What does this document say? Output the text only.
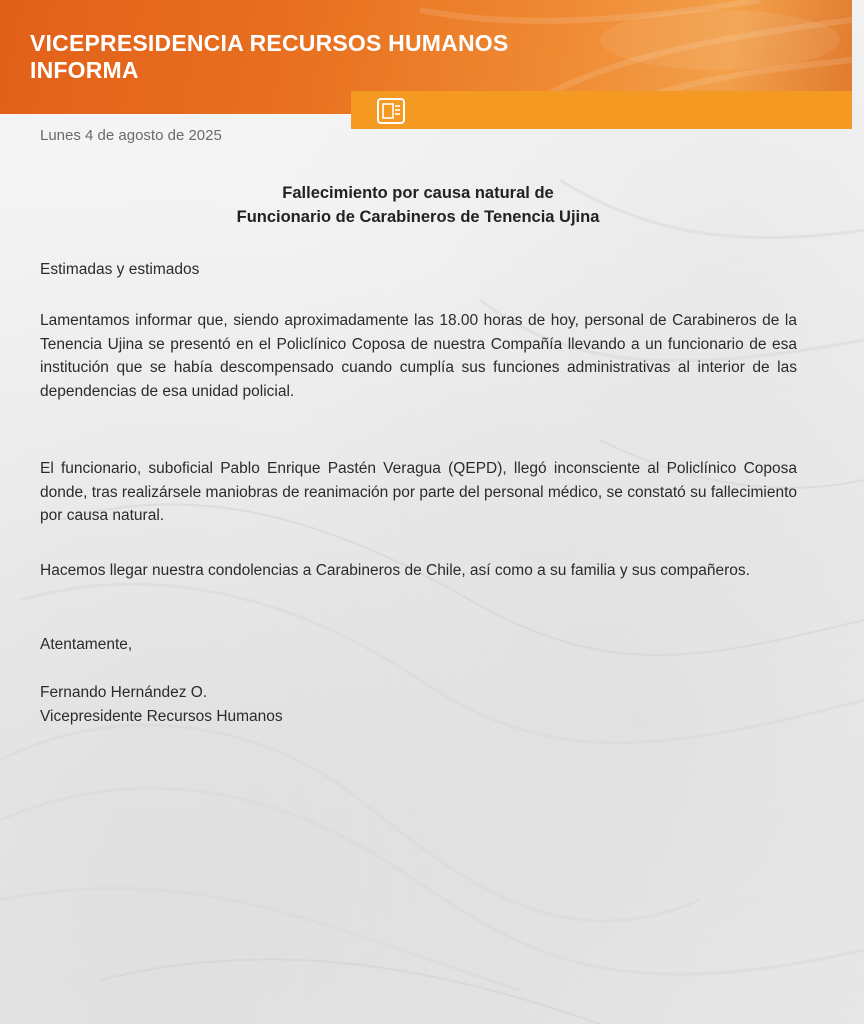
VICEPRESIDENCIA RECURSOS HUMANOS
INFORMA
Lunes 4 de agosto de 2025
Fallecimiento por causa natural de
Funcionario de Carabineros de Tenencia Ujina

Estimadas y estimados

Lamentamos informar que, siendo aproximadamente las 18.00 horas de hoy, personal de Carabineros de la Tenencia Ujina se presentó en el Policlínico Coposa de nuestra Compañía llevando a un funcionario de esa institución que se había descompensado cuando cumplía sus funciones administrativas al interior de las dependencias de esa unidad policial.

El funcionario, suboficial Pablo Enrique Pastén Veragua (QEPD), llegó inconsciente al Policlínico Coposa donde, tras realizársele maniobras de reanimación por parte del personal médico, se constató su fallecimiento por causa natural.

Hacemos llegar nuestra condolencias a Carabineros de Chile, así como a su familia y sus compañeros.

Atentamente,

Fernando Hernández O.

Vicepresidente Recursos Humanos
